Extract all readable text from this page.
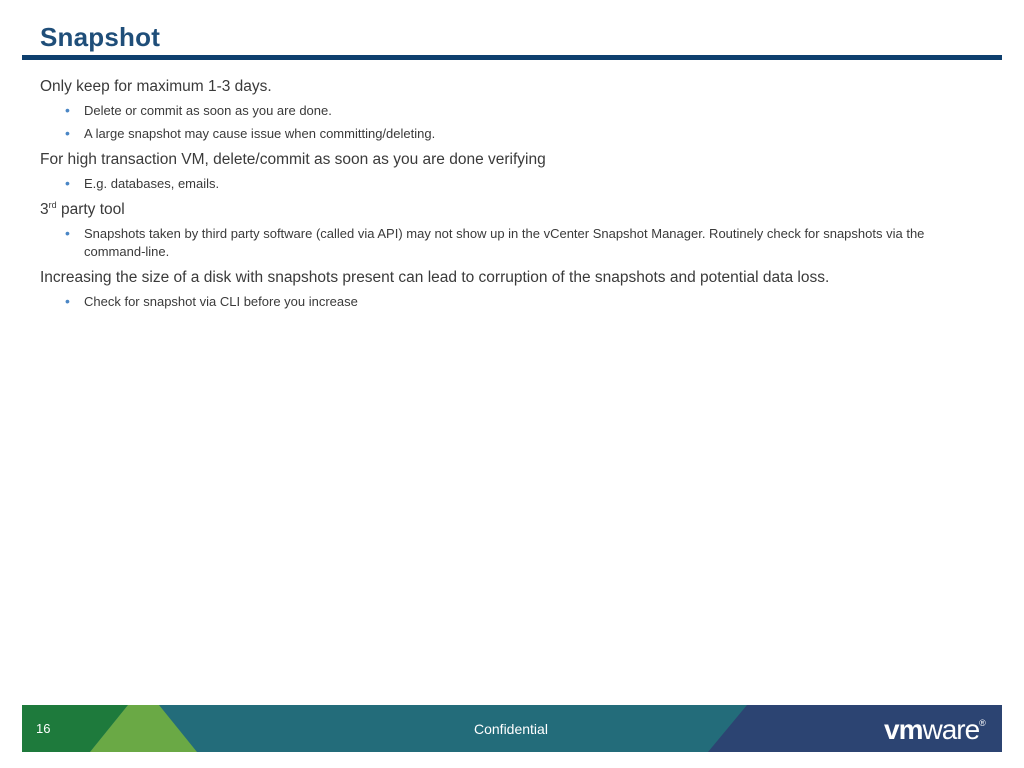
Snapshot

Only keep for maximum 1-3 days.

• Delete or commit as soon as you are done.
• A large snapshot may cause issue when committing/deleting.

For high transaction VM, delete/commit as soon as you are done verifying

• E.g. databases, emails.

3rd party tool

• Snapshots taken by third party software (called via API) may not show up in the vCenter Snapshot Manager. Routinely check for snapshots via the command-line.

Increasing the size of a disk with snapshots present can lead to corruption of the snapshots and potential data loss.

• Check for snapshot via CLI before you increase
16	Confidential	vmware®
